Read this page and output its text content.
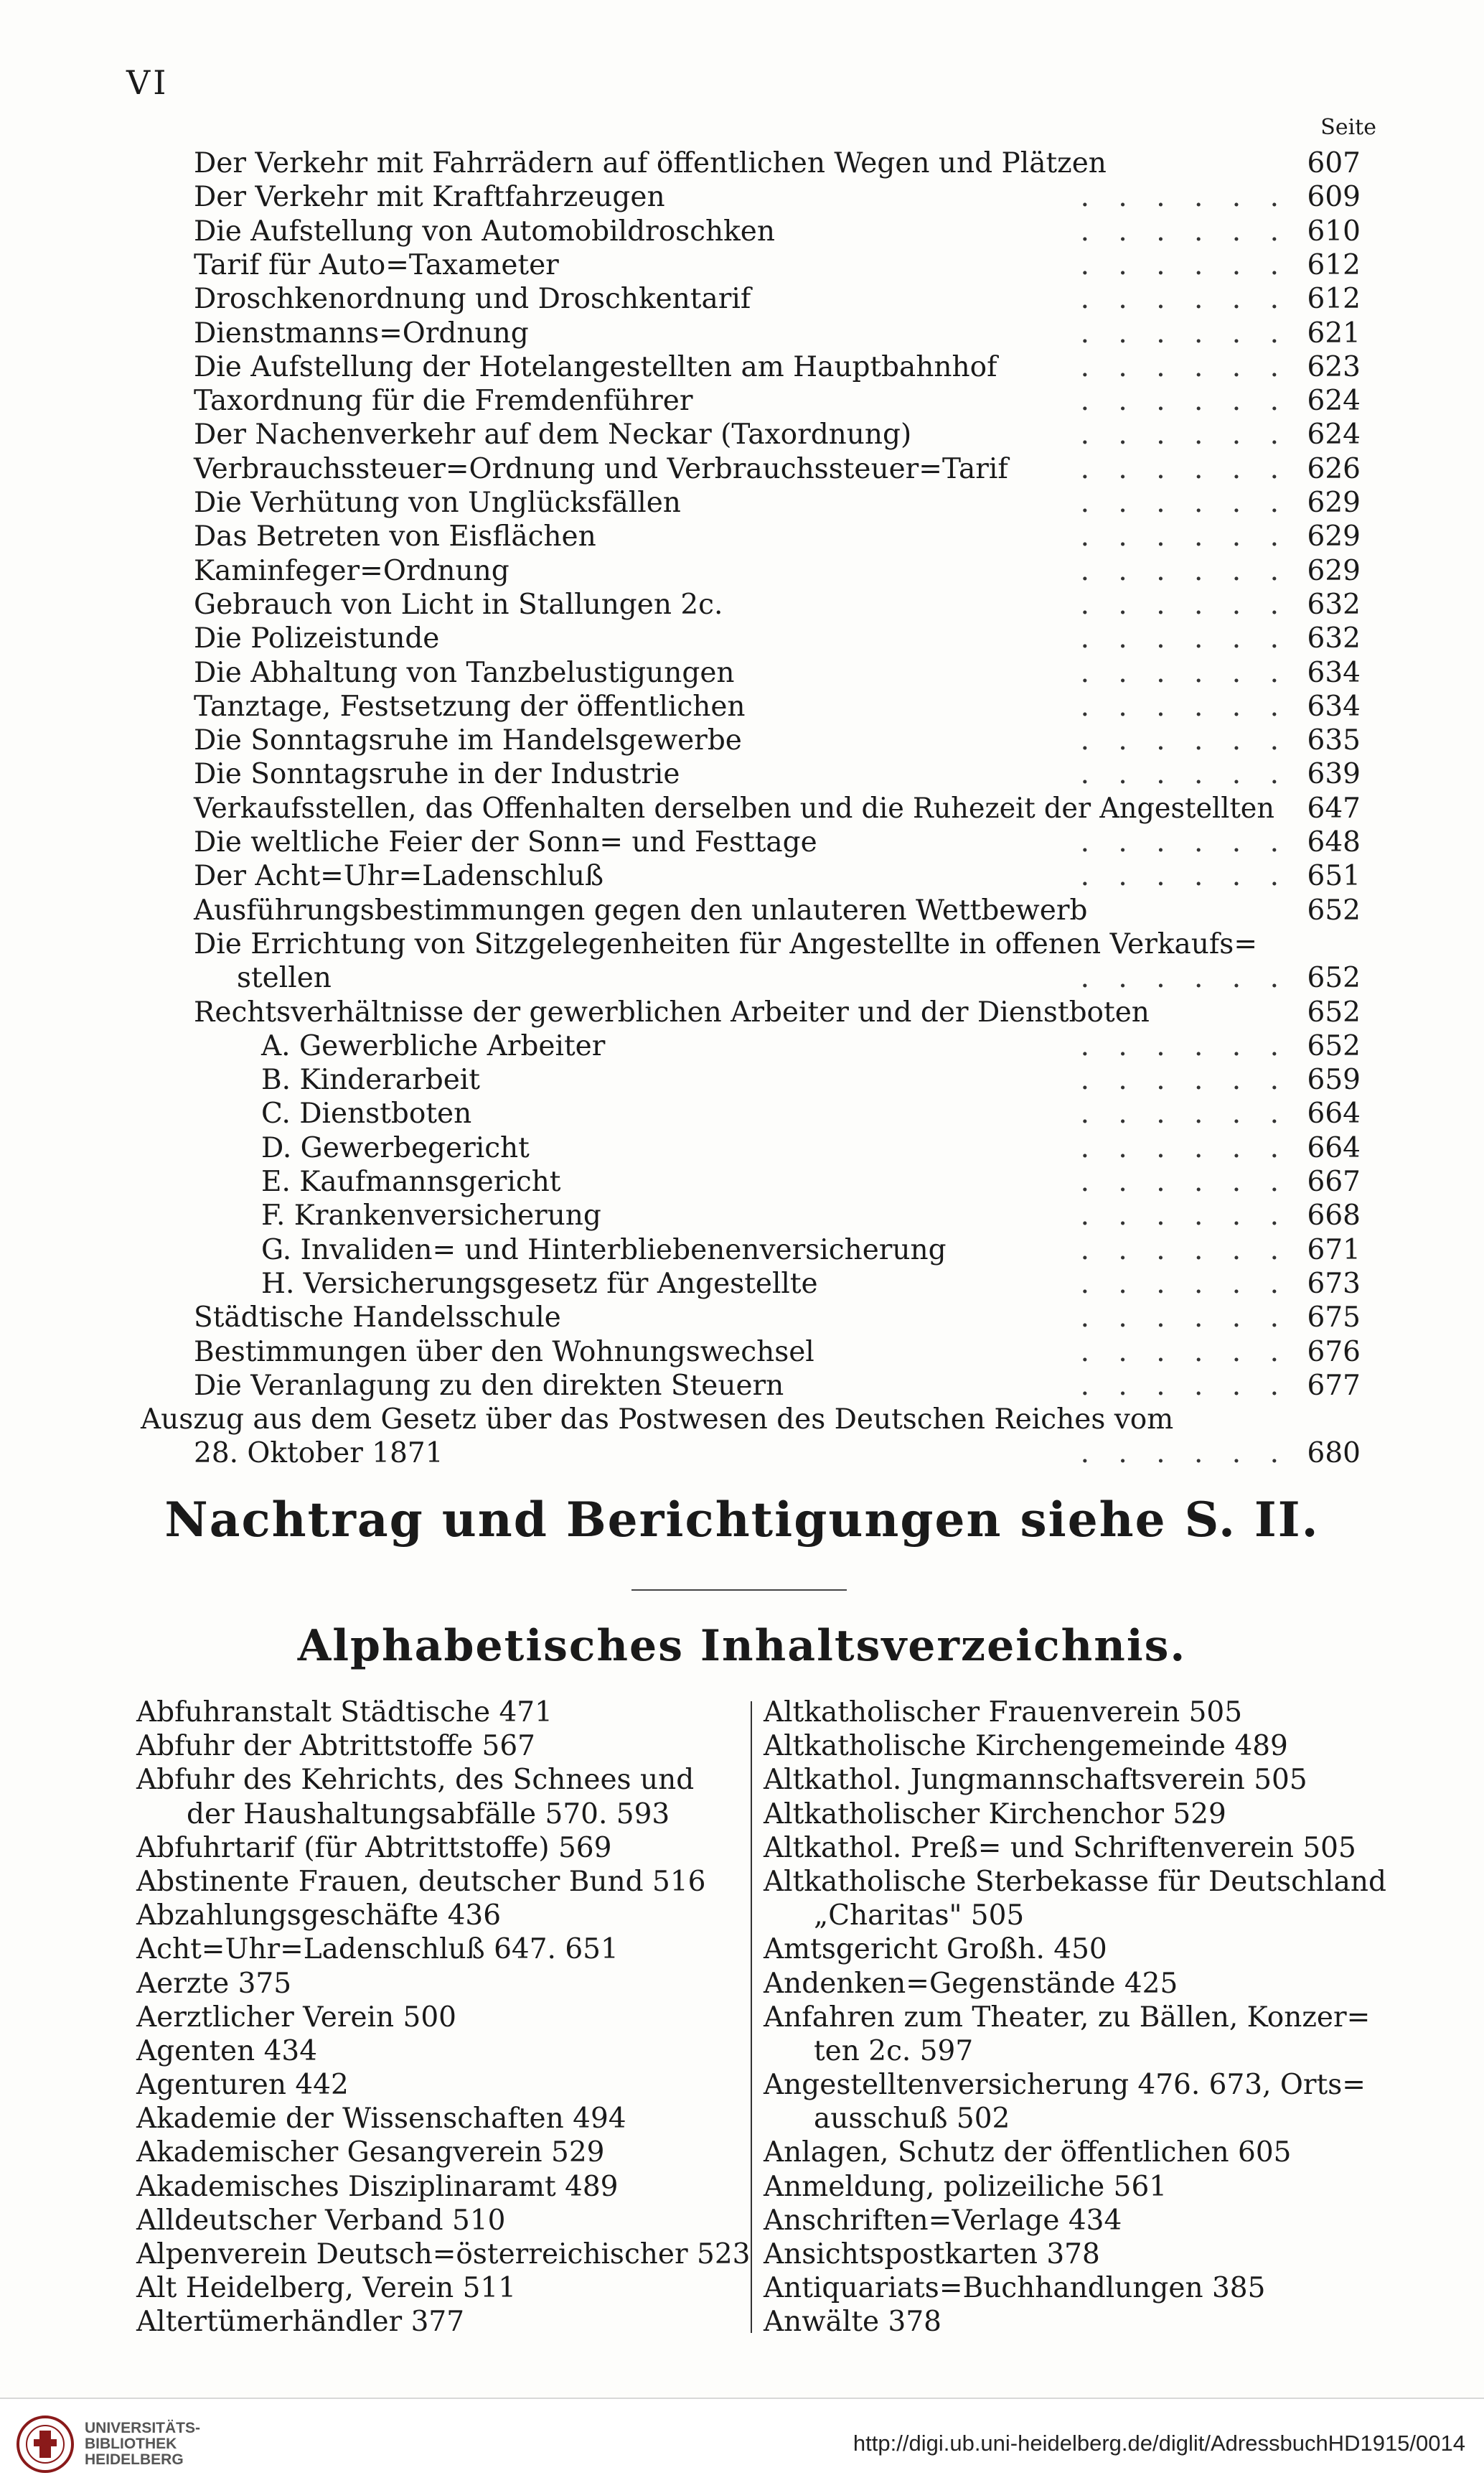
VI
Seite
Der Verkehr mit Fahrrädern auf öffentlichen Wegen und Plätzen	607
Der Verkehr mit Kraftfahrzeugen	. . . . . . 609
Die Aufstellung von Automobildroschken	. . . . . . 610
Tarif für Auto=Taxameter	. . . . . . 612
Droschkenordnung und Droschkentarif	. . . . . . 612
Dienstmanns=Ordnung	. . . . . . 621
Die Aufstellung der Hotelangestellten am Hauptbahnhof	. . . . . . 623
Taxordnung für die Fremdenführer	. . . . . . 624
Der Nachenverkehr auf dem Neckar (Taxordnung)	. . . . . . 624
Verbrauchssteuer=Ordnung und Verbrauchssteuer=Tarif	. . . . . . 626
Die Verhütung von Unglücksfällen	. . . . . . 629
Das Betreten von Eisflächen	. . . . . . 629
Kaminfeger=Ordnung	. . . . . . 629
Gebrauch von Licht in Stallungen 2c.	. . . . . . 632
Die Polizeistunde	. . . . . . 632
Die Abhaltung von Tanzbelustigungen	. . . . . . 634
Tanztage, Festsetzung der öffentlichen	. . . . . . 634
Die Sonntagsruhe im Handelsgewerbe	. . . . . . 635
Die Sonntagsruhe in der Industrie	. . . . . . 639
Verkaufsstellen, das Offenhalten derselben und die Ruhezeit der Angestellten 647
Die weltliche Feier der Sonn= und Festtage	. . . . . . 648
Der Acht=Uhr=Ladenschluß	. . . . . . 651
Ausführungsbestimmungen gegen den unlauteren Wettbewerb	652
Die Errichtung von Sitzgelegenheiten für Angestellte in offenen Verkaufs=
stellen	. . . . . . 652
Rechtsverhältnisse der gewerblichen Arbeiter und der Dienstboten	652
A. Gewerbliche Arbeiter	. . . . . . 652
B. Kinderarbeit	. . . . . . 659
C. Dienstboten	. . . . . . 664
D. Gewerbegericht	. . . . . . 664
E. Kaufmannsgericht	. . . . . . 667
F. Krankenversicherung	. . . . . . 668
G. Invaliden= und Hinterbliebenenversicherung	. . . . . . 671
H. Versicherungsgesetz für Angestellte	. . . . . . 673
Städtische Handelsschule	. . . . . . 675
Bestimmungen über den Wohnungswechsel	. . . . . . 676
Die Veranlagung zu den direkten Steuern	. . . . . . 677
Auszug aus dem Gesetz über das Postwesen des Deutschen Reiches vom
28. Oktober 1871	. . . . . . 680
Nachtrag und Berichtigungen siehe S. II.
Alphabetisches Inhaltsverzeichnis.
Abfuhranstalt Städtische 471
Abfuhr der Abtrittstoffe 567
Abfuhr des Kehrichts, des Schnees und
der Haushaltungsabfälle 570. 593
Abfuhrtarif (für Abtrittstoffe) 569
Abstinente Frauen, deutscher Bund 516
Abzahlungsgeschäfte 436
Acht=Uhr=Ladenschluß 647. 651
Aerzte 375
Aerztlicher Verein 500
Agenten 434
Agenturen 442
Akademie der Wissenschaften 494
Akademischer Gesangverein 529
Akademisches Disziplinaramt 489
Alldeutscher Verband 510
Alpenverein Deutsch=österreichischer 523
Alt Heidelberg, Verein 511
Altertümerhändler 377
Altkatholischer Frauenverein 505
Altkatholische Kirchengemeinde 489
Altkathol. Jungmannschaftsverein 505
Altkatholischer Kirchenchor 529
Altkathol. Preß= und Schriftenverein 505
Altkatholische Sterbekasse für Deutschland
„Charitas" 505
Amtsgericht Großh. 450
Andenken=Gegenstände 425
Anfahren zum Theater, zu Bällen, Konzer=
ten 2c. 597
Angestelltenversicherung 476. 673, Orts=
ausschuß 502
Anlagen, Schutz der öffentlichen 605
Anmeldung, polizeiliche 561
Anschriften=Verlage 434
Ansichtspostkarten 378
Antiquariats=Buchhandlungen 385
Anwälte 378
UNIVERSITÄTS-
BIBLIOTHEK
HEIDELBERG
http://digi.ub.uni-heidelberg.de/diglit/AdressbuchHD1915/0014
